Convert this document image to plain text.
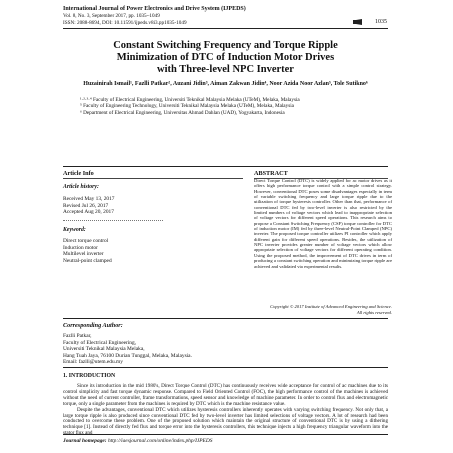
International Journal of Power Electronics and Drive System (IJPEDS)
Vol. 8, No. 3, September 2017, pp. 1035~1049
ISSN: 2088-8694, DOI: 10.11591/ijpeds.v8i3.pp1035-1049	1035
Constant Switching Frequency and Torque Ripple
Minimization of DTC of Induction Motor Drives
with Three-level NPC Inverter
Huzainirah Ismail¹, Fazlli Patkar², Auzani Jidin³, Aiman Zakwan Jidin⁴, Noor Azida Noor Azlan⁵, Tole Sutikno⁶
¹·²·³·⁴ Faculty of Electrical Engineering, Universiti Teknikal Malaysia Melaka (UTeM), Melaka, Malaysia
⁵ Faculty of Engineering Technology, Universiti Teknikal Malaysia Melaka (UTeM), Melaka, Malaysia
⁶ Department of Electrical Engineering, Universitas Ahmad Dahlan (UAD), Yogyakarta, Indonesia
Article Info	ABSTRACT
Article history:
Received May 13, 2017
Revised Jul 26, 2017
Accepted Aug 20, 2017
Keyword:
Direct torque control
Induction motor
Multilevel inverter
Neutral-point clamped
Direct Torque Control (DTC) is widely applied for ac motor drives as it offers high performance torque control with a simple control strategy. However, conventional DTC poses some disadvantages especially in term of variable switching frequency and large torque ripple due to the utilization of torque hysteresis controller. Other than that, performance of conventional DTC fed by two-level inverter is also restricted by the limited numbers of voltage vectors which lead to inappropriate selection of voltage vectors for different speed operations. This research aims to propose a Constant Switching Frequency (CSF) torque controller for DTC of induction motor (IM) fed by three-level Neutral-Point Clamped (NPC) inverter. The proposed torque controller utilizes PI controller which apply different gain for different speed operations. Besides, the utilization of NPC inverter provides greater number of voltage vectors which allow appropriate selection of voltage vectors for different operating condition. Using the proposed method, the improvement of DTC drives in term of producing a constant switching operation and minimizing torque ripple are achieved and validated via experimental results.
Copyright © 2017 Institute of Advanced Engineering and Science.
All rights reserved.
Corresponding Author:
Fazlli Patkar,
Faculty of Electrical Engineering,
Universiti Teknikal Malaysia Melaka,
Hang Tuah Jaya, 76100 Durian Tunggal, Melaka, Malaysia.
Email: fazlli@utem.edu.my
1. INTRODUCTION
Since its introduction in the mid 1980's, Direct Torque Control (DTC) has continuously receives wide acceptance for control of ac machines due to its control simplicity and fast torque dynamic response. Compared to Field Oriented Control (FOC), the high performance control of the machines is achieved without the need of current controller, frame transformations, speed sensor and knowledge of machine parameter. In order to control flux and electromagnetic torque, only a single parameter from the machines is required by DTC which is the machine resistance value.
Despite the advantages, conventional DTC which utilizes hysteresis controllers inherently operates with varying switching frequency. Not only that, a large torque ripple is also produced since conventional DTC fed by two-level inverter has limited selections of voltage vectors. A lot of research had been conducted to overcome these problem. One of the proposed solution which maintain the original structure of conventional DTC is by using a dithering technique [1]. Instead of directly fed flux and torque error into the hysteresis controllers, this technique injects a high frequency triangular waveform into the stator flux and
Journal homepage: http://iaesjournal.com/online/index.php/IJPEDS
